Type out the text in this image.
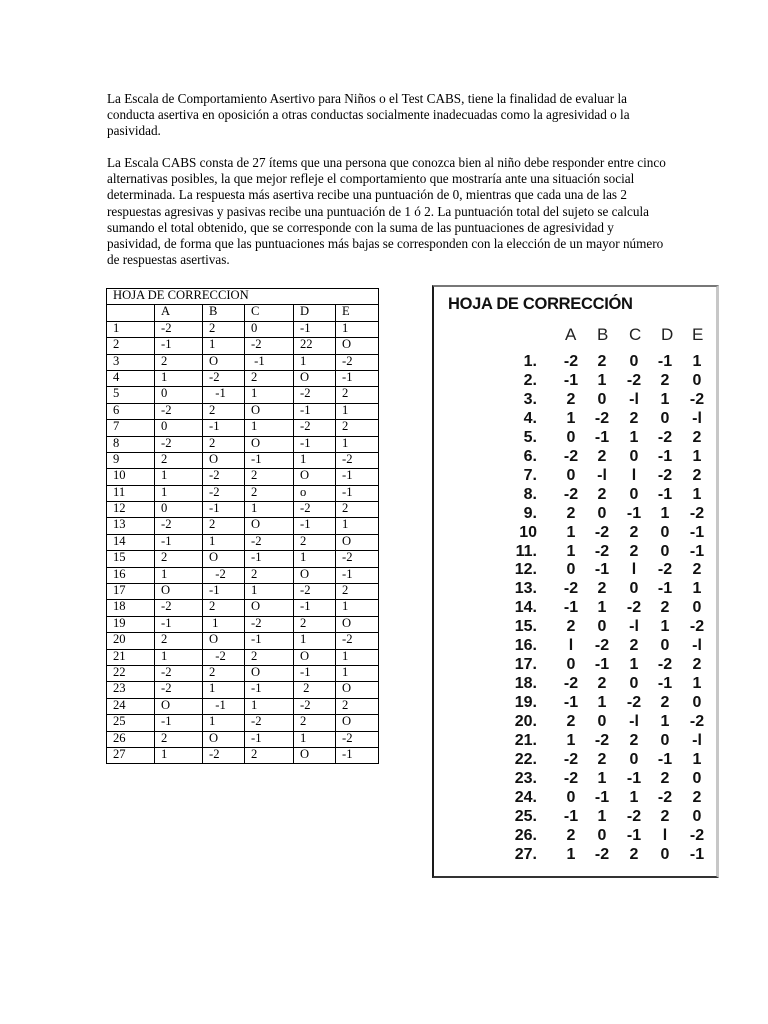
La Escala de Comportamiento Asertivo para Niños o el Test CABS, tiene la finalidad de evaluar la conducta asertiva en oposición a otras conductas socialmente inadecuadas como la agresividad o la pasividad.

La Escala CABS consta de 27 ítems que una persona que conozca bien al niño debe responder entre cinco alternativas posibles, la que mejor refleje el comportamiento que mostraría ante una situación social determinada. La respuesta más asertiva recibe una puntuación de 0, mientras que cada una de las 2 respuestas agresivas y pasivas recibe una puntuación de 1 ó 2. La puntuación total del sujeto se calcula sumando el total obtenido, que se corresponde con la suma de las puntuaciones de agresividad y pasividad, de forma que las puntuaciones más bajas se corresponden con la elección de un mayor número de respuestas asertivas.

HOJA DE CORRECCION					
	A	B	C	D	E
1	-2	2	0	-1	1
2	-1	1	-2	22	O
3	2	O	-1	1	-2
4	1	-2	2	O	-1
5	0	-1	1	-2	2
6	-2	2	O	-1	1
7	0	-1	1	-2	2
8	-2	2	O	-1	1
9	2	O	-1	1	-2
10	1	-2	2	O	-1
11	1	-2	2	o	-1
12	0	-1	1	-2	2
13	-2	2	O	-1	1
14	-1	1	-2	2	O
15	2	O	-1	1	-2
16	1	-2	2	O	-1
17	O	-1	1	-2	2
18	-2	2	O	-1	1
19	-1	1	-2	2	O
20	2	O	-1	1	-2
21	1	-2	2	O	1
22	-2	2	O	-1	1
23	-2	1	-1	2	O
24	O	-1	1	-2	2
25	-1	1	-2	2	O
26	2	O	-1	1	-2
27	1	-2	2	O	-1
HOJA DE CORRECCIÓN
A B C D E
1.	-2	2	0	-1	1
2.	-1	1	-2	2	0
3.	2	0	-l	1	-2
4.	1	-2	2	0	-l
5.	0	-1	1	-2	2
6.	-2	2	0	-1	1
7.	0	-l	l	-2	2
8.	-2	2	0	-1	1
9.	2	0	-1	1	-2
10	1	-2	2	0	-1
11.	1	-2	2	0	-1
12.	0	-1	l	-2	2
13.	-2	2	0	-1	1
14.	-1	1	-2	2	0
15.	2	0	-l	1	-2
16.	l	-2	2	0	-l
17.	0	-1	1	-2	2
18.	-2	2	0	-1	1
19.	-1	1	-2	2	0
20.	2	0	-l	1	-2
21.	1	-2	2	0	-l
22.	-2	2	0	-1	1
23.	-2	1	-1	2	0
24.	0	-1	1	-2	2
25.	-1	1	-2	2	0
26.	2	0	-1	l	-2
27.	1	-2	2	0	-1
